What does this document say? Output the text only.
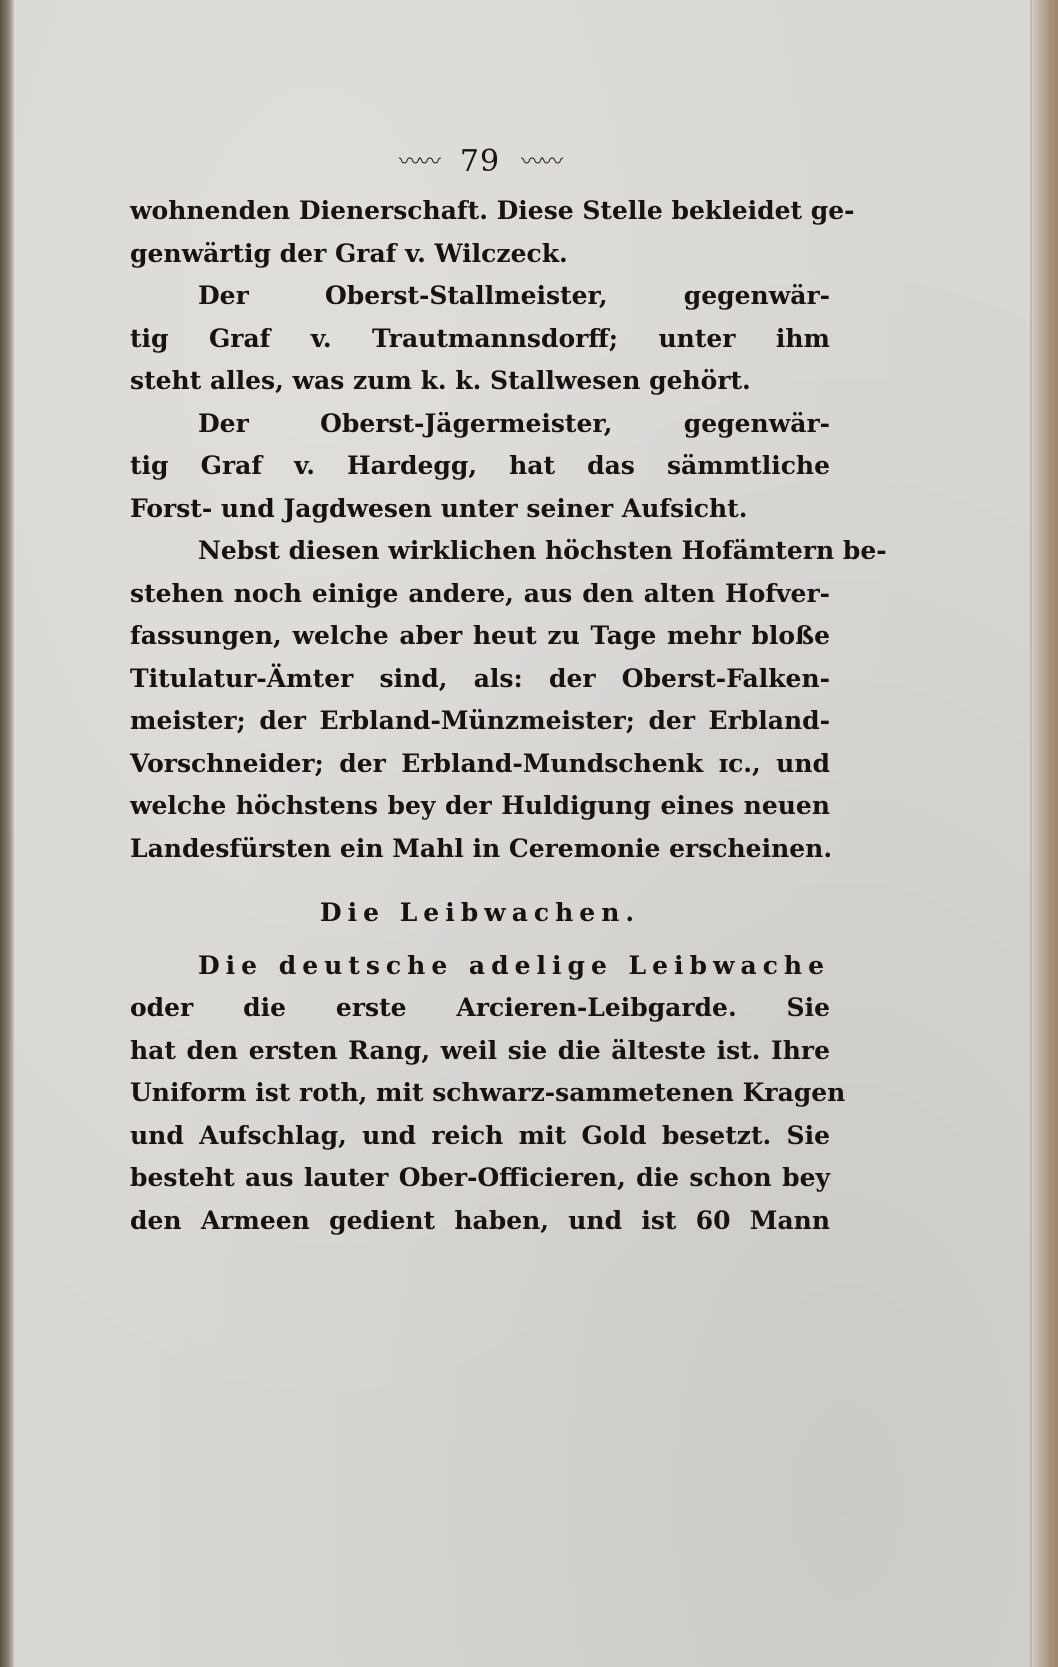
〰〰 79 〰〰
wohnenden Dienerschaft. Diese Stelle bekleidet ge-
genwärtig der Graf v. Wilczeck.
Der Oberst-Stallmeister, gegenwär-
tig Graf v. Trautmannsdorff; unter ihm
steht alles, was zum k. k. Stallwesen gehört.
Der Oberst-Jägermeister, gegenwär-
tig Graf v. Hardegg, hat das sämmtliche
Forst- und Jagdwesen unter seiner Aufsicht.
Nebst diesen wirklichen höchsten Hofämtern be-
stehen noch einige andere, aus den alten Hofver-
fassungen, welche aber heut zu Tage mehr bloße
Titulatur-Ämter sind, als: der Oberst-Falken-
meister; der Erbland-Münzmeister; der Erbland-
Vorschneider; der Erbland-Mundschenk ɪc., und
welche höchstens bey der Huldigung eines neuen
Landesfürsten ein Mahl in Ceremonie erscheinen.
Die Leibwachen.
Die deutsche adelige Leibwache
oder die erste Arcieren-Leibgarde. Sie
hat den ersten Rang, weil sie die älteste ist. Ihre
Uniform ist roth, mit schwarz-sammetenen Kragen
und Aufschlag, und reich mit Gold besetzt. Sie
besteht aus lauter Ober-Officieren, die schon bey
den Armeen gedient haben, und ist 60 Mann
